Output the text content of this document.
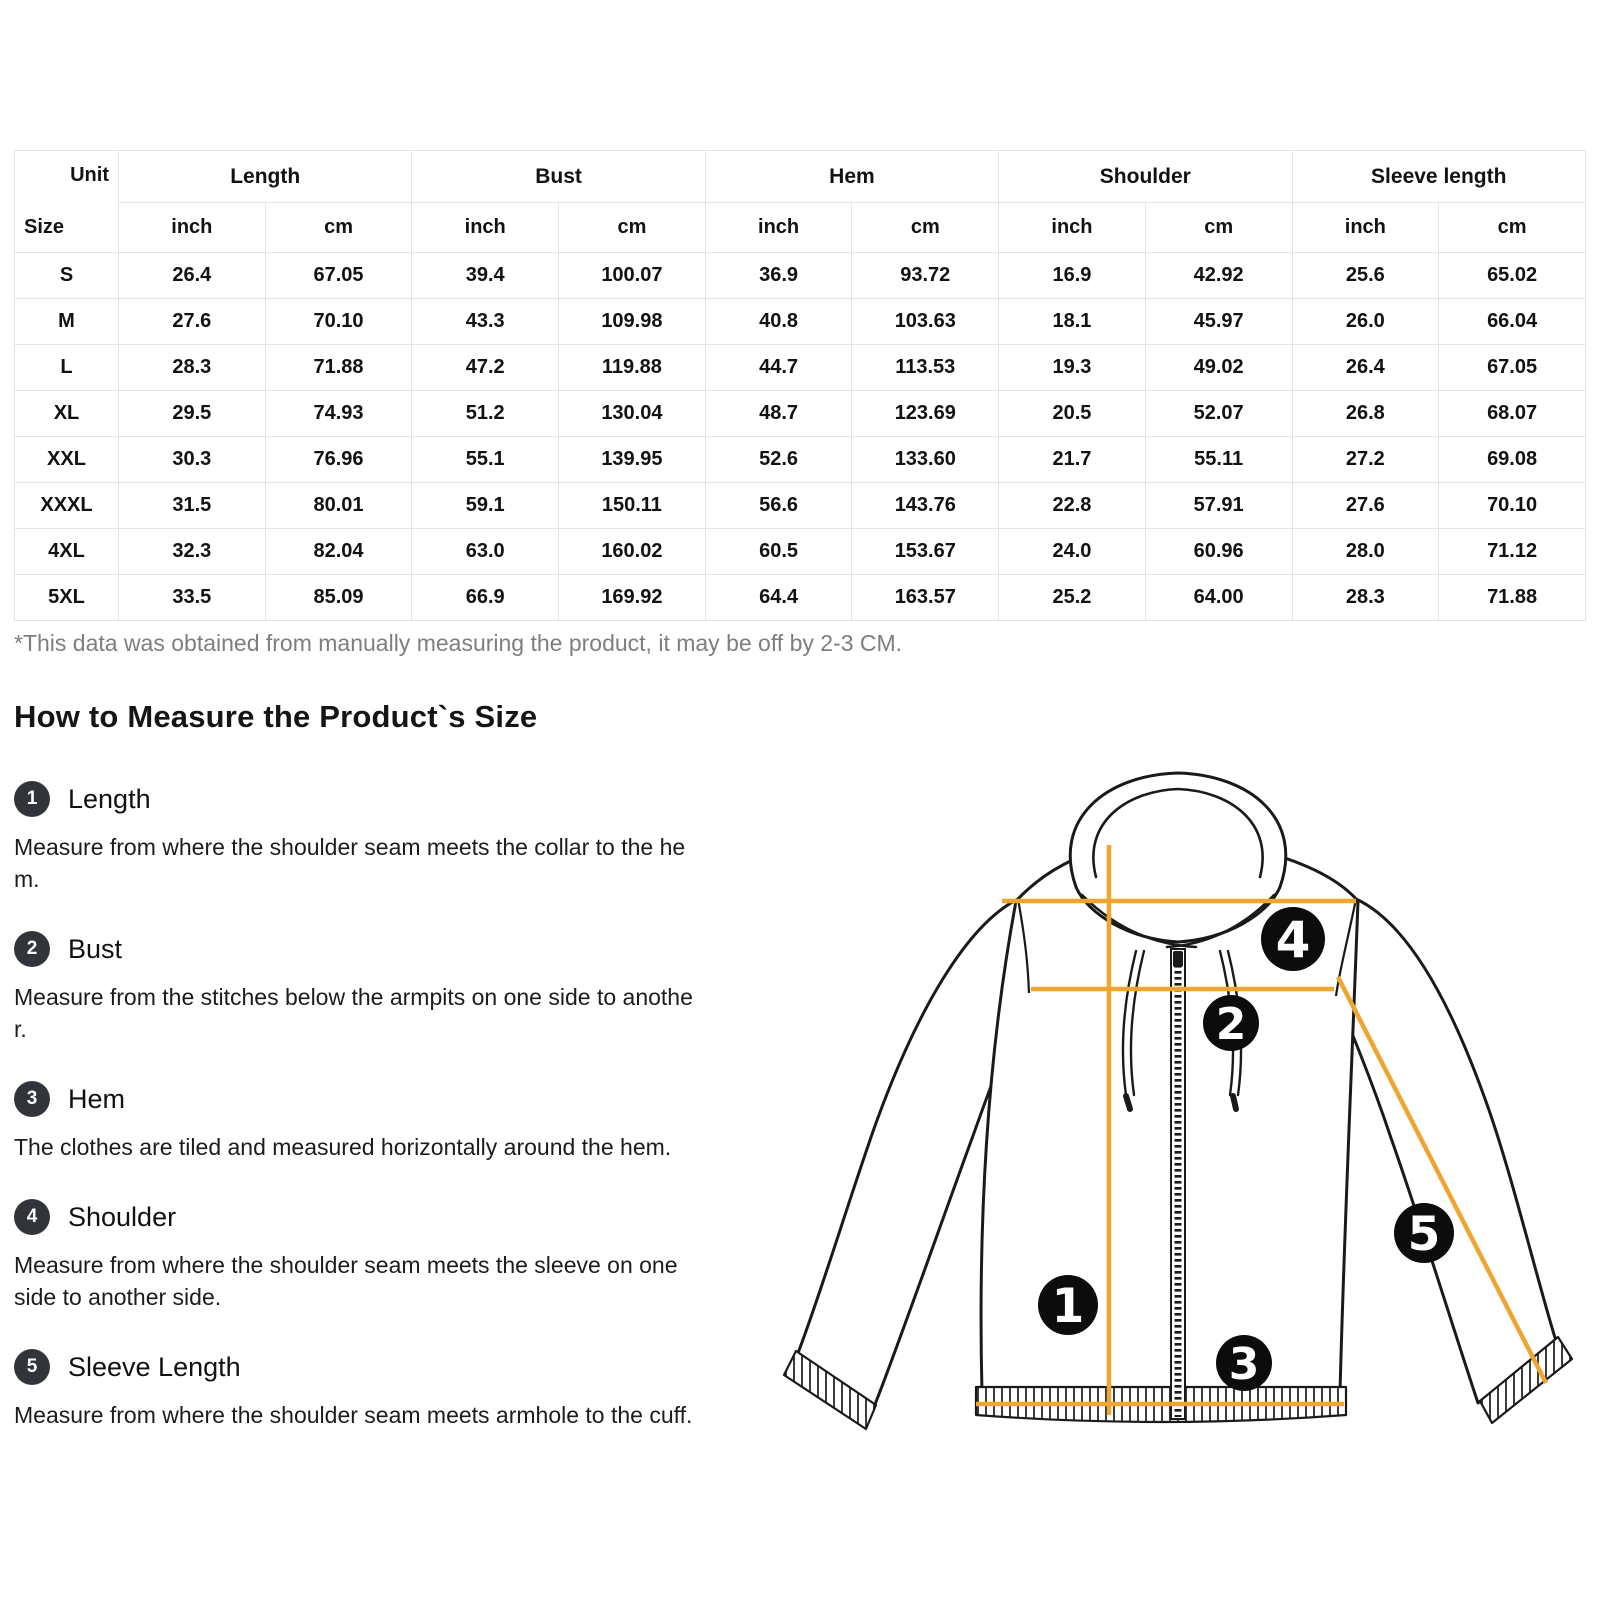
Unit
Size	Length		Bust		Hem		Shoulder		Sleeve length	
	inch	cm	inch	cm	inch	cm	inch	cm	inch	cm
S	26.4	67.05	39.4	100.07	36.9	93.72	16.9	42.92	25.6	65.02
M	27.6	70.10	43.3	109.98	40.8	103.63	18.1	45.97	26.0	66.04
L	28.3	71.88	47.2	119.88	44.7	113.53	19.3	49.02	26.4	67.05
XL	29.5	74.93	51.2	130.04	48.7	123.69	20.5	52.07	26.8	68.07
XXL	30.3	76.96	55.1	139.95	52.6	133.60	21.7	55.11	27.2	69.08
XXXL	31.5	80.01	59.1	150.11	56.6	143.76	22.8	57.91	27.6	70.10
4XL	32.3	82.04	63.0	160.02	60.5	153.67	24.0	60.96	28.0	71.12
5XL	33.5	85.09	66.9	169.92	64.4	163.57	25.2	64.00	28.3	71.88

*This data was obtained from manually measuring the product, it may be off by 2-3 CM.

How to Measure the Product`s Size
1	Length

Measure from where the shoulder seam meets the collar to the hem.

2	Bust

Measure from the stitches below the armpits on one side to another.

3	Hem

The clothes are tiled and measured horizontally around the hem.

4	Shoulder

Measure from where the shoulder seam meets the sleeve on one side to another side.

5	Sleeve Length

Measure from where the shoulder seam meets armhole to the cuff.

1
2
3
4
5
